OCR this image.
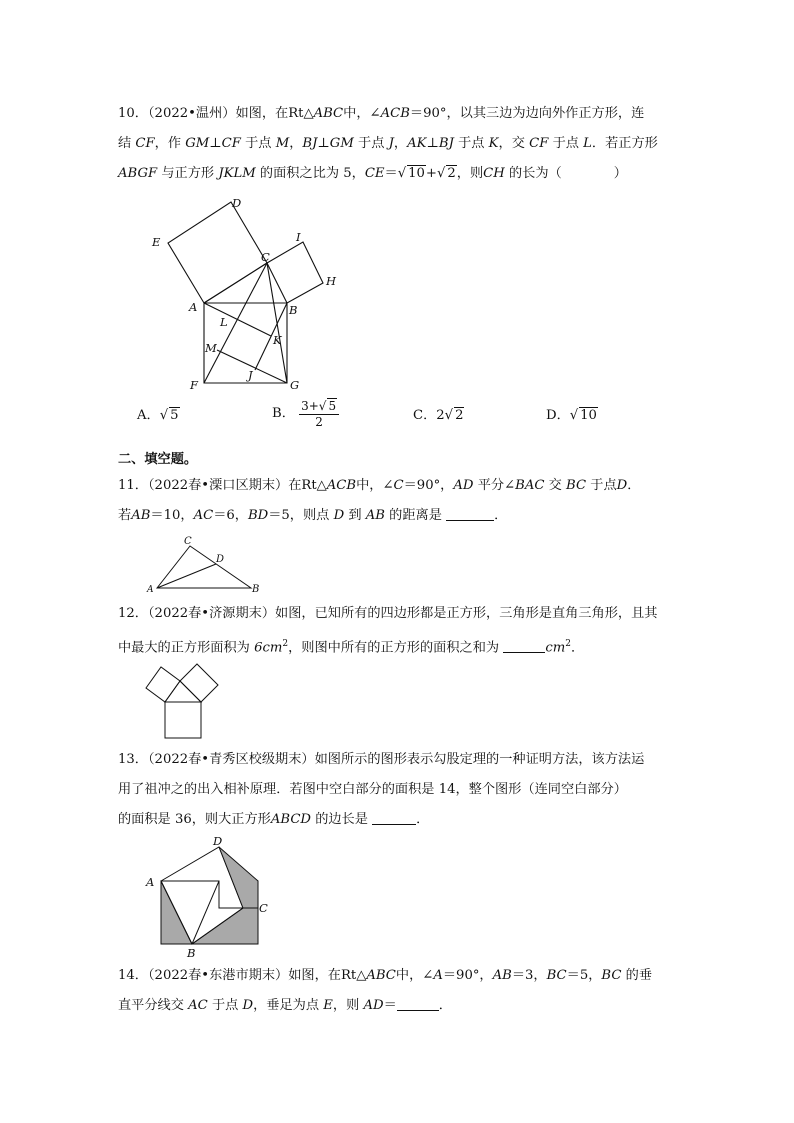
10．（2022•温州）如图，在Rt△ABC中，∠ACB＝90°，以其三边为边向外作正方形，连
结 CF，作 GM⊥CF 于点 M，BJ⊥GM 于点 J，AK⊥BJ 于点 K，交 CF 于点 L．若正方形
ABGF 与正方形 JKLM 的面积之比为 5，CE＝√ 10+√ 2，则CH 的长为（	）
D
E
C
I
H
A	B
L
K
M
F
J
G
A．√ 5	B． $\frac{3+√ 5}{2}$	C．2√ 2	D．√ 10
二、填空题。
11．（2022春•溧口区期末）在Rt△ACB中，∠C＝90°，AD 平分∠BAC 交 BC 于点D．
若AB＝10，AC＝6，BD＝5，则点 D 到 AB 的距离是	．
C
D
A	B
12．（2022春•济源期末）如图，已知所有的四边形都是正方形，三角形是直角三角形，且其
中最大的正方形面积为 $6cm^2$，则图中所有的正方形的面积之和为	$cm^2$．
13．（2022春•青秀区校级期末）如图所示的图形表示勾股定理的一种证明方法，该方法运
用了祖冲之的出入相补原理．若图中空白部分的面积是 14，整个图形（连同空白部分）
的面积是 36，则大正方形ABCD 的边长是	．
D
A
C
B
14．（2022春•东港市期末）如图，在Rt△ABC中，∠A＝90°，AB＝3，BC＝5，BC 的垂
直平分线交 AC 于点 D，垂足为点 E，则 AD＝	．
